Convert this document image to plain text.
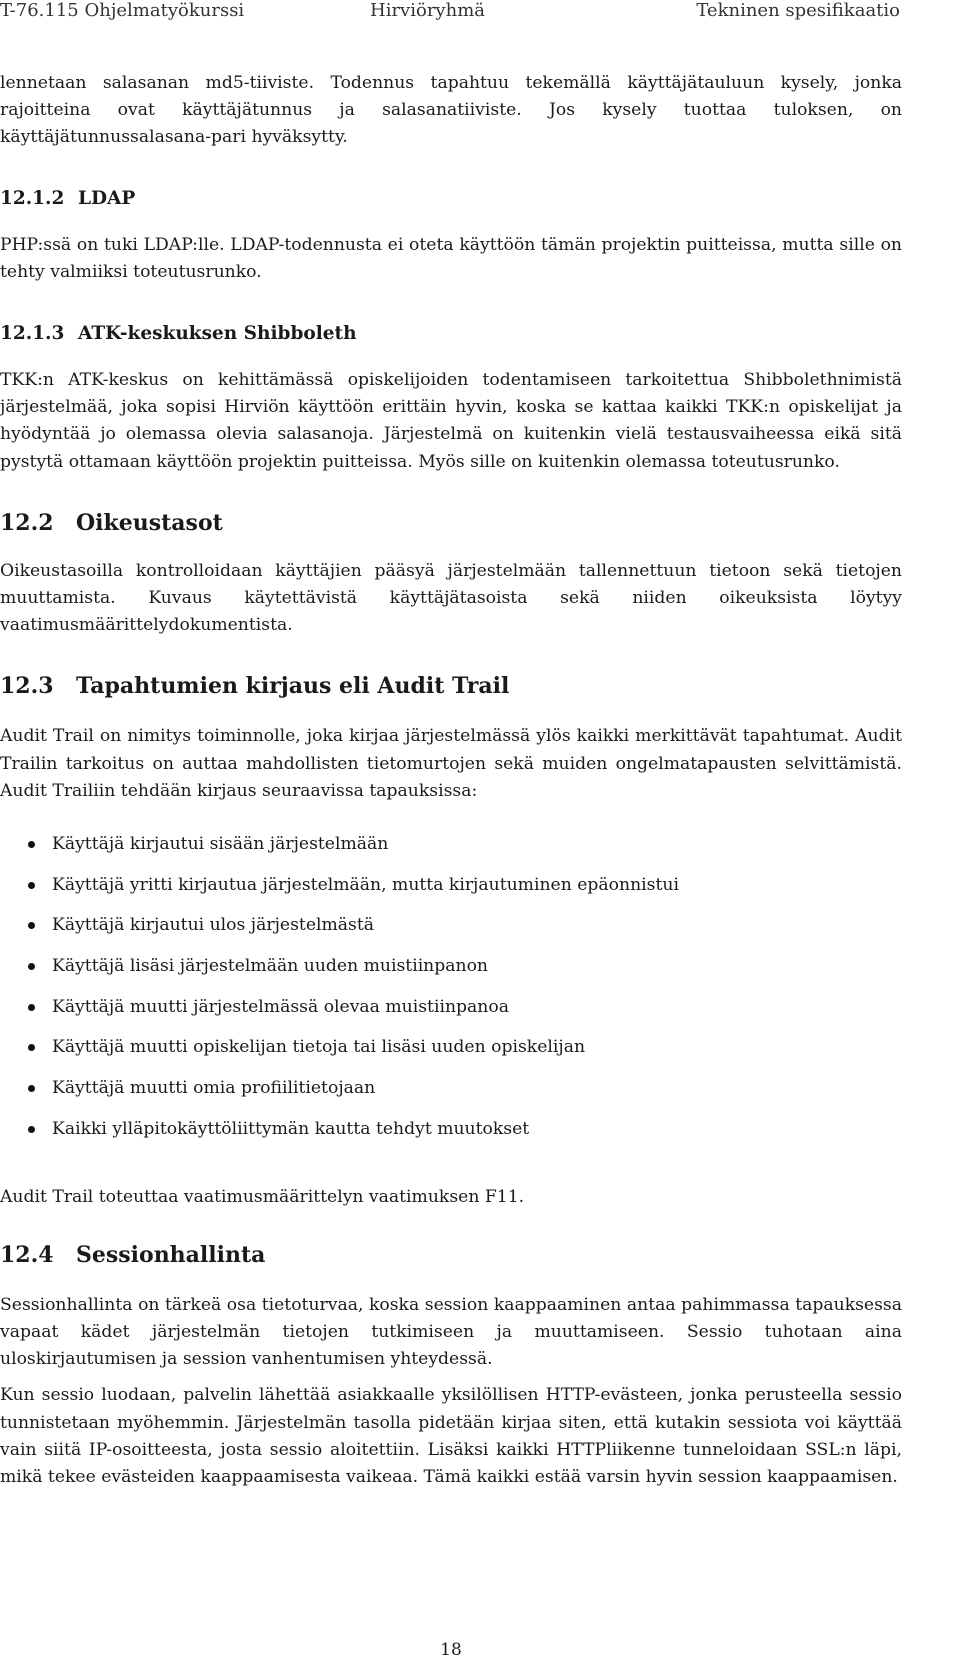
T-76.115 Ohjelmatyökurssi	Hirviöryhmä	Tekninen spesifikaatio

lennetaan salasanan md5-tiiviste. Todennus tapahtuu tekemällä käyttäjätauluun kysely, jonka rajoitteina ovat käyttäjätunnus ja salasanatiiviste. Jos kysely tuottaa tuloksen, on käyttäjätunnussalasana-pari hyväksytty.

12.1.2 LDAP

PHP:ssä on tuki LDAP:lle. LDAP-todennusta ei oteta käyttöön tämän projektin puitteissa, mutta sille on tehty valmiiksi toteutusrunko.

12.1.3 ATK-keskuksen Shibboleth

TKK:n ATK-keskus on kehittämässä opiskelijoiden todentamiseen tarkoitettua Shibbolethnimistä järjestelmää, joka sopisi Hirviön käyttöön erittäin hyvin, koska se kattaa kaikki TKK:n opiskelijat ja hyödyntää jo olemassa olevia salasanoja. Järjestelmä on kuitenkin vielä testausvaiheessa eikä sitä pystytä ottamaan käyttöön projektin puitteissa. Myös sille on kuitenkin olemassa toteutusrunko.

12.2 Oikeustasot

Oikeustasoilla kontrolloidaan käyttäjien pääsyä järjestelmään tallennettuun tietoon sekä tietojen muuttamista. Kuvaus käytettävistä käyttäjätasoista sekä niiden oikeuksista löytyy vaatimusmäärittelydokumentista.

12.3 Tapahtumien kirjaus eli Audit Trail

Audit Trail on nimitys toiminnolle, joka kirjaa järjestelmässä ylös kaikki merkittävät tapahtumat. Audit Trailin tarkoitus on auttaa mahdollisten tietomurtojen sekä muiden ongelmatapausten selvittämistä. Audit Trailiin tehdään kirjaus seuraavissa tapauksissa:

Käyttäjä kirjautui sisään järjestelmään
Käyttäjä yritti kirjautua järjestelmään, mutta kirjautuminen epäonnistui
Käyttäjä kirjautui ulos järjestelmästä
Käyttäjä lisäsi järjestelmään uuden muistiinpanon
Käyttäjä muutti järjestelmässä olevaa muistiinpanoa
Käyttäjä muutti opiskelijan tietoja tai lisäsi uuden opiskelijan
Käyttäjä muutti omia profiilitietojaan
Kaikki ylläpitokäyttöliittymän kautta tehdyt muutokset

Audit Trail toteuttaa vaatimusmäärittelyn vaatimuksen F11.

12.4 Sessionhallinta

Sessionhallinta on tärkeä osa tietoturvaa, koska session kaappaaminen antaa pahimmassa tapauksessa vapaat kädet järjestelmän tietojen tutkimiseen ja muuttamiseen. Sessio tuhotaan aina uloskirjautumisen ja session vanhentumisen yhteydessä.

Kun sessio luodaan, palvelin lähettää asiakkaalle yksilöllisen HTTP-evästeen, jonka perusteella sessio tunnistetaan myöhemmin. Järjestelmän tasolla pidetään kirjaa siten, että kutakin sessiota voi käyttää vain siitä IP-osoitteesta, josta sessio aloitettiin. Lisäksi kaikki HTTPliikenne tunneloidaan SSL:n läpi, mikä tekee evästeiden kaappaamisesta vaikeaa. Tämä kaikki estää varsin hyvin session kaappaamisen.

18
